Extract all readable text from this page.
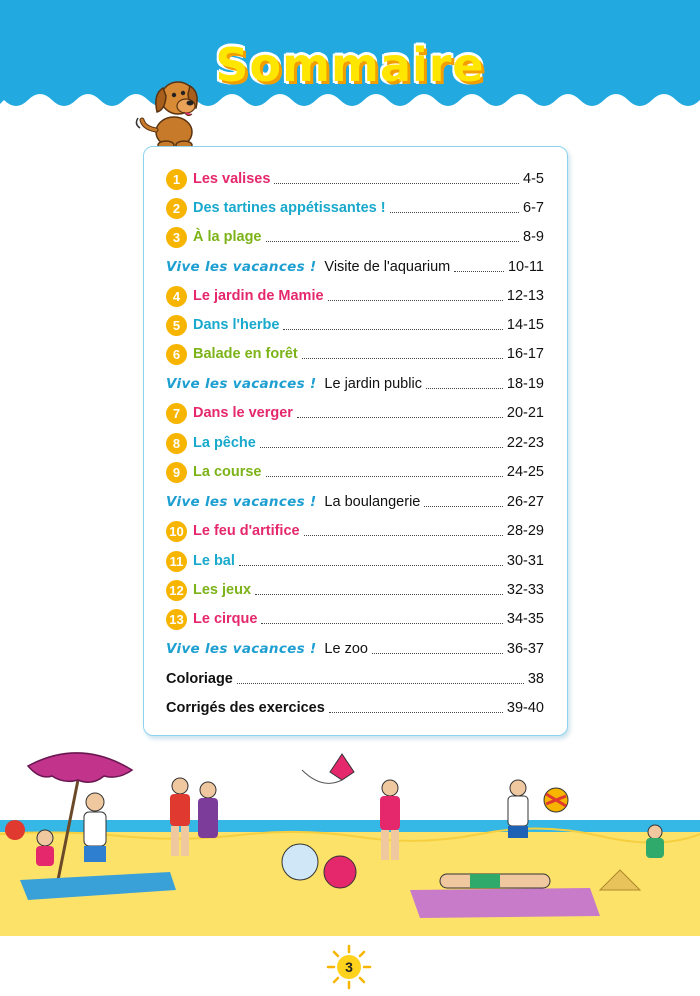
Sommaire
1 Les valises	4-5
2 Des tartines appétissantes !	6-7
3 À la plage	8-9
Vive les vacances ! Visite de l'aquarium	10-11
4 Le jardin de Mamie	12-13
5 Dans l'herbe	14-15
6 Balade en forêt	16-17
Vive les vacances ! Le jardin public	18-19
7 Dans le verger	20-21
8 La pêche	22-23
9 La course	24-25
Vive les vacances ! La boulangerie	26-27
10 Le feu d'artifice	28-29
11 Le bal	30-31
12 Les jeux	32-33
13 Le cirque	34-35
Vive les vacances ! Le zoo	36-37
Coloriage	38
Corrigés des exercices	39-40
3
